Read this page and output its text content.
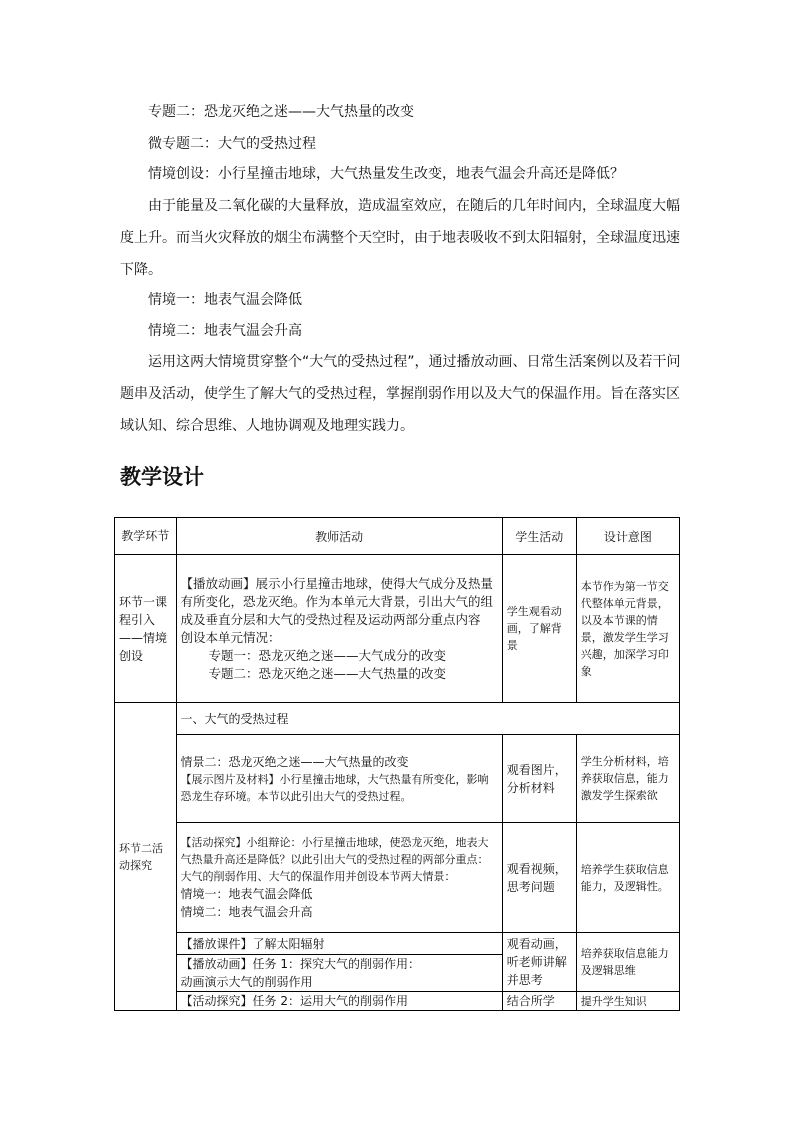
专题二：恐龙灭绝之迷——大气热量的改变
微专题二：大气的受热过程
情境创设：小行星撞击地球，大气热量发生改变，地表气温会升高还是降低？
由于能量及二氧化碳的大量释放，造成温室效应，在随后的几年时间内，全球温度大幅度上升。而当火灾释放的烟尘布满整个天空时，由于地表吸收不到太阳辐射，全球温度迅速下降。
情境一：地表气温会降低
情境二：地表气温会升高
运用这两大情境贯穿整个“大气的受热过程”，通过播放动画、日常生活案例以及若干问题串及活动，使学生了解大气的受热过程，掌握削弱作用以及大气的保温作用。旨在落实区域认知、综合思维、人地协调观及地理实践力。
教学设计
教学环节	教师活动	学生活动	设计意图
环节一课程引入——情境创设	【播放动画】展示小行星撞击地球，使得大气成分及热量有所变化，恐龙灭绝。作为本单元大背景，引出大气的组成及垂直分层和大气的受热过程及运动两部分重点内容
创设本单元情况：
专题一：恐龙灭绝之迷——大气成分的改变
专题二：恐龙灭绝之迷——大气热量的改变	学生观看动画，了解背景	本节作为第一节交代整体单元背景，以及本节课的情景，激发学生学习兴趣，加深学习印象
环节二活动探究	一、大气的受热过程		

	情景二：恐龙灭绝之迷——大气热量的改变
【展示图片及材料】小行星撞击地球，大气热量有所变化，影响恐龙生存环境。本节以此引出大气的受热过程。	观看图片，分析材料	学生分析材料，培养获取信息，能力激发学生探索欲

	【活动探究】小组辩论：小行星撞击地球，使恐龙灭绝，地表大气热量升高还是降低？以此引出大气的受热过程的两部分重点：大气的削弱作用、大气的保温作用并创设本节两大情景：
情境一：地表气温会降低
情境二：地表气温会升高	观看视频，思考问题	培养学生获取信息能力，及逻辑性。
	【播放课件】了解太阳辐射	观看动画，听老师讲解并思考	培养获取信息能力及逻辑思维

	【播放动画】任务 1：探究大气的削弱作用：
动画演示大气的削弱作用		

	【活动探究】任务 2：运用大气的削弱作用	结合所学	提升学生知识
